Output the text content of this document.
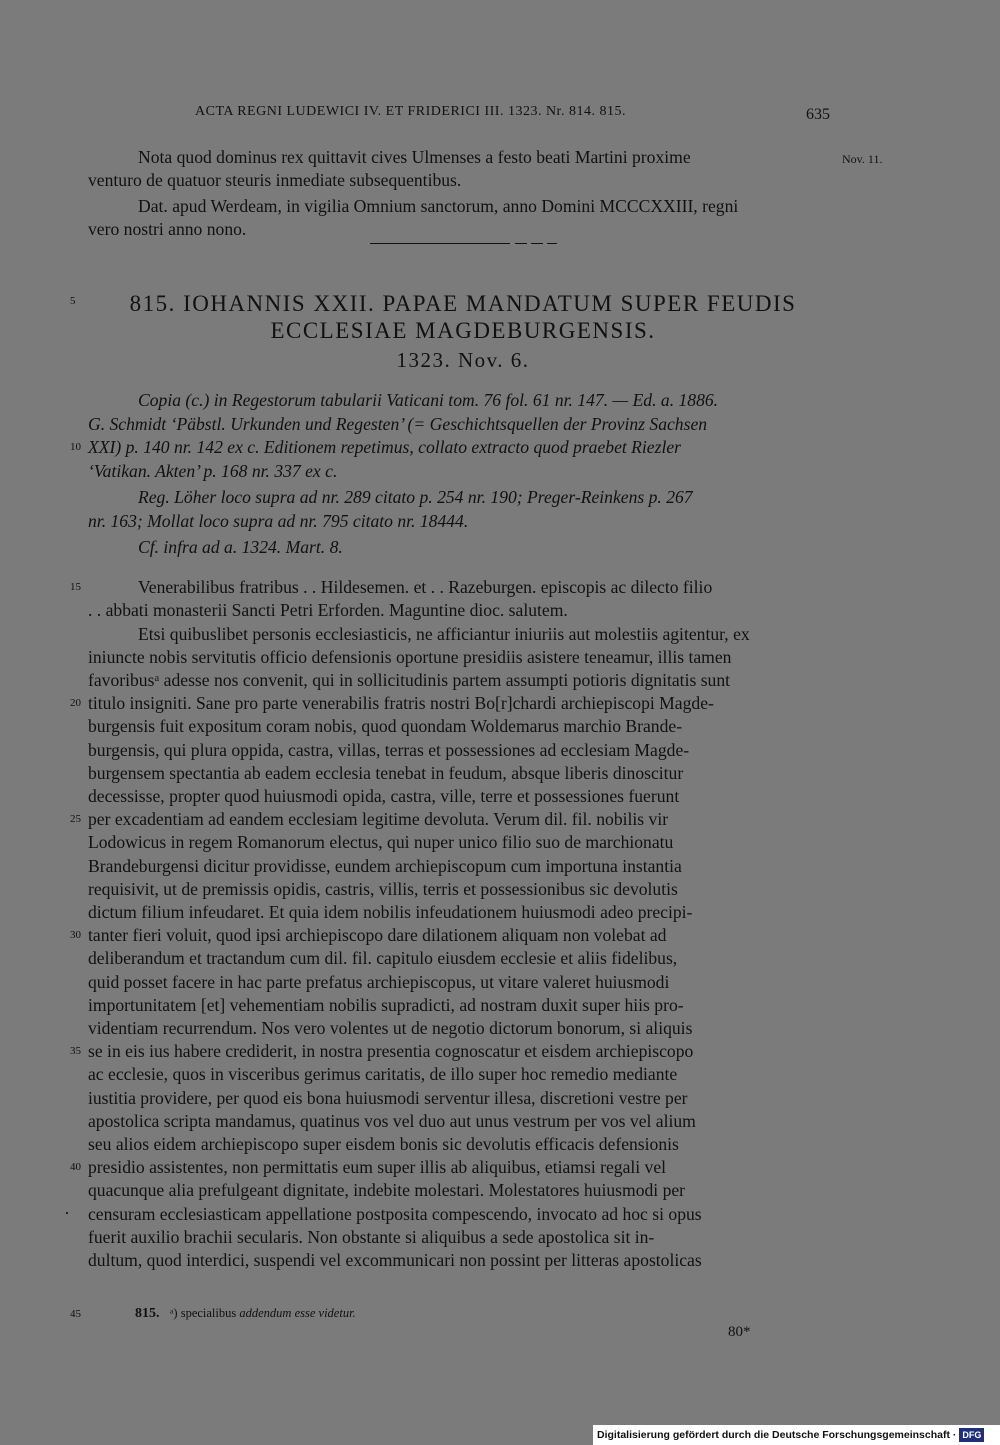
ACTA REGNI LUDEWICI IV. ET FRIDERICI III. 1323. Nr. 814. 815.	635
Nov. 11.
Nota quod dominus rex quittavit cives Ulmenses a festo beati Martini proxime
venturo de quatuor steuris inmediate subsequentibus.
Dat. apud Werdeam, in vigilia Omnium sanctorum, anno Domini MCCCXXIII, regni
vero nostri anno nono.
5	815. IOHANNIS XXII. PAPAE MANDATUM SUPER FEUDIS
ECCLESIAE MAGDEBURGENSIS.
1323. Nov. 6.
Copia (c.) in Regestorum tabularii Vaticani tom. 76 fol. 61 nr. 147. — Ed. a. 1886.
G. Schmidt ‘Päbstl. Urkunden und Regesten’ (= Geschichtsquellen der Provinz Sachsen
10 XXI) p. 140 nr. 142 ex c. Editionem repetimus, collato extracto quod praebet Riezler
‘Vatikan. Akten’ p. 168 nr. 337 ex c.
Reg. Löher loco supra ad nr. 289 citato p. 254 nr. 190; Preger-Reinkens p. 267
nr. 163; Mollat loco supra ad nr. 795 citato nr. 18444.
Cf. infra ad a. 1324. Mart. 8.
15	Venerabilibus fratribus . . Hildesemen. et . . Razeburgen. episcopis ac dilecto filio
. . abbati monasterii Sancti Petri Erforden. Maguntine dioc. salutem.
Etsi quibuslibet personis ecclesiasticis, ne afficiantur iniuriis aut molestiis agitentur, ex
iniuncte nobis servitutis officio defensionis oportune presidiis asistere teneamur, illis tamen
favoribusᵃ adesse nos convenit, qui in sollicitudinis partem assumpti potioris dignitatis sunt
20 titulo insigniti. Sane pro parte venerabilis fratris nostri Bo[r]chardi archiepiscopi Magde-
burgensis fuit expositum coram nobis, quod quondam Woldemarus marchio Brande-
burgensis, qui plura oppida, castra, villas, terras et possessiones ad ecclesiam Magde-
burgensem spectantia ab eadem ecclesia tenebat in feudum, absque liberis dinoscitur
decessisse, propter quod huiusmodi opida, castra, ville, terre et possessiones fuerunt
25 per excadentiam ad eandem ecclesiam legitime devoluta. Verum dil. fil. nobilis vir
Lodowicus in regem Romanorum electus, qui nuper unico filio suo de marchionatu
Brandeburgensi dicitur providisse, eundem archiepiscopum cum importuna instantia
requisivit, ut de premissis opidis, castris, villis, terris et possessionibus sic devolutis
dictum filium infeudaret. Et quia idem nobilis infeudationem huiusmodi adeo precipi-
30 tanter fieri voluit, quod ipsi archiepiscopo dare dilationem aliquam non volebat ad
deliberandum et tractandum cum dil. fil. capitulo eiusdem ecclesie et aliis fidelibus,
quid posset facere in hac parte prefatus archiepiscopus, ut vitare valeret huiusmodi
importunitatem [et] vehementiam nobilis supradicti, ad nostram duxit super hiis pro-
videntiam recurrendum. Nos vero volentes ut de negotio dictorum bonorum, si aliquis
35 se in eis ius habere crediderit, in nostra presentia cognoscatur et eisdem archiepiscopo
ac ecclesie, quos in visceribus gerimus caritatis, de illo super hoc remedio mediante
iustitia providere, per quod eis bona huiusmodi serventur illesa, discretioni vestre per
apostolica scripta mandamus, quatinus vos vel duo aut unus vestrum per vos vel alium
seu alios eidem archiepiscopo super eisdem bonis sic devolutis efficacis defensionis
40 presidio assistentes, non permittatis eum super illis ab aliquibus, etiamsi regali vel
quacunque alia prefulgeant dignitate, indebite molestari. Molestatores huiusmodi per
censuram ecclesiasticam appellatione postposita compescendo, invocato ad hoc si opus
fuerit auxilio brachii secularis. Non obstante si aliquibus a sede apostolica sit in-
dultum, quod interdici, suspendi vel excommunicari non possint per litteras apostolicas
45	815. ᵃ) specialibus addendum esse videtur.
80*
Digitalisierung gefördert durch die Deutsche Forschungsgemeinschaft · DFG
